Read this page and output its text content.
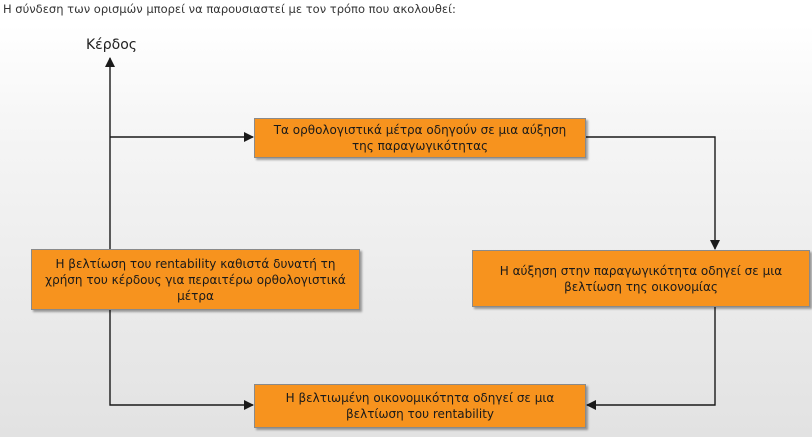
Η σύνδεση των ορισμών μπορεί να παρουσιαστεί με τον τρόπο που ακολουθεί:
Κέρδος
Τα ορθολογιστικά μέτρα οδηγούν σε μια αύξηση της παραγωγικότητας
Η αύξηση στην παραγωγικότητα οδηγεί σε μια βελτίωση της οικονομίας
Η βελτιωμένη οικονομικότητα οδηγεί σε μια βελτίωση του rentability
Η βελτίωση του rentability καθιστά δυνατή τη χρήση του κέρδους για περαιτέρω ορθολογιστικά μέτρα
